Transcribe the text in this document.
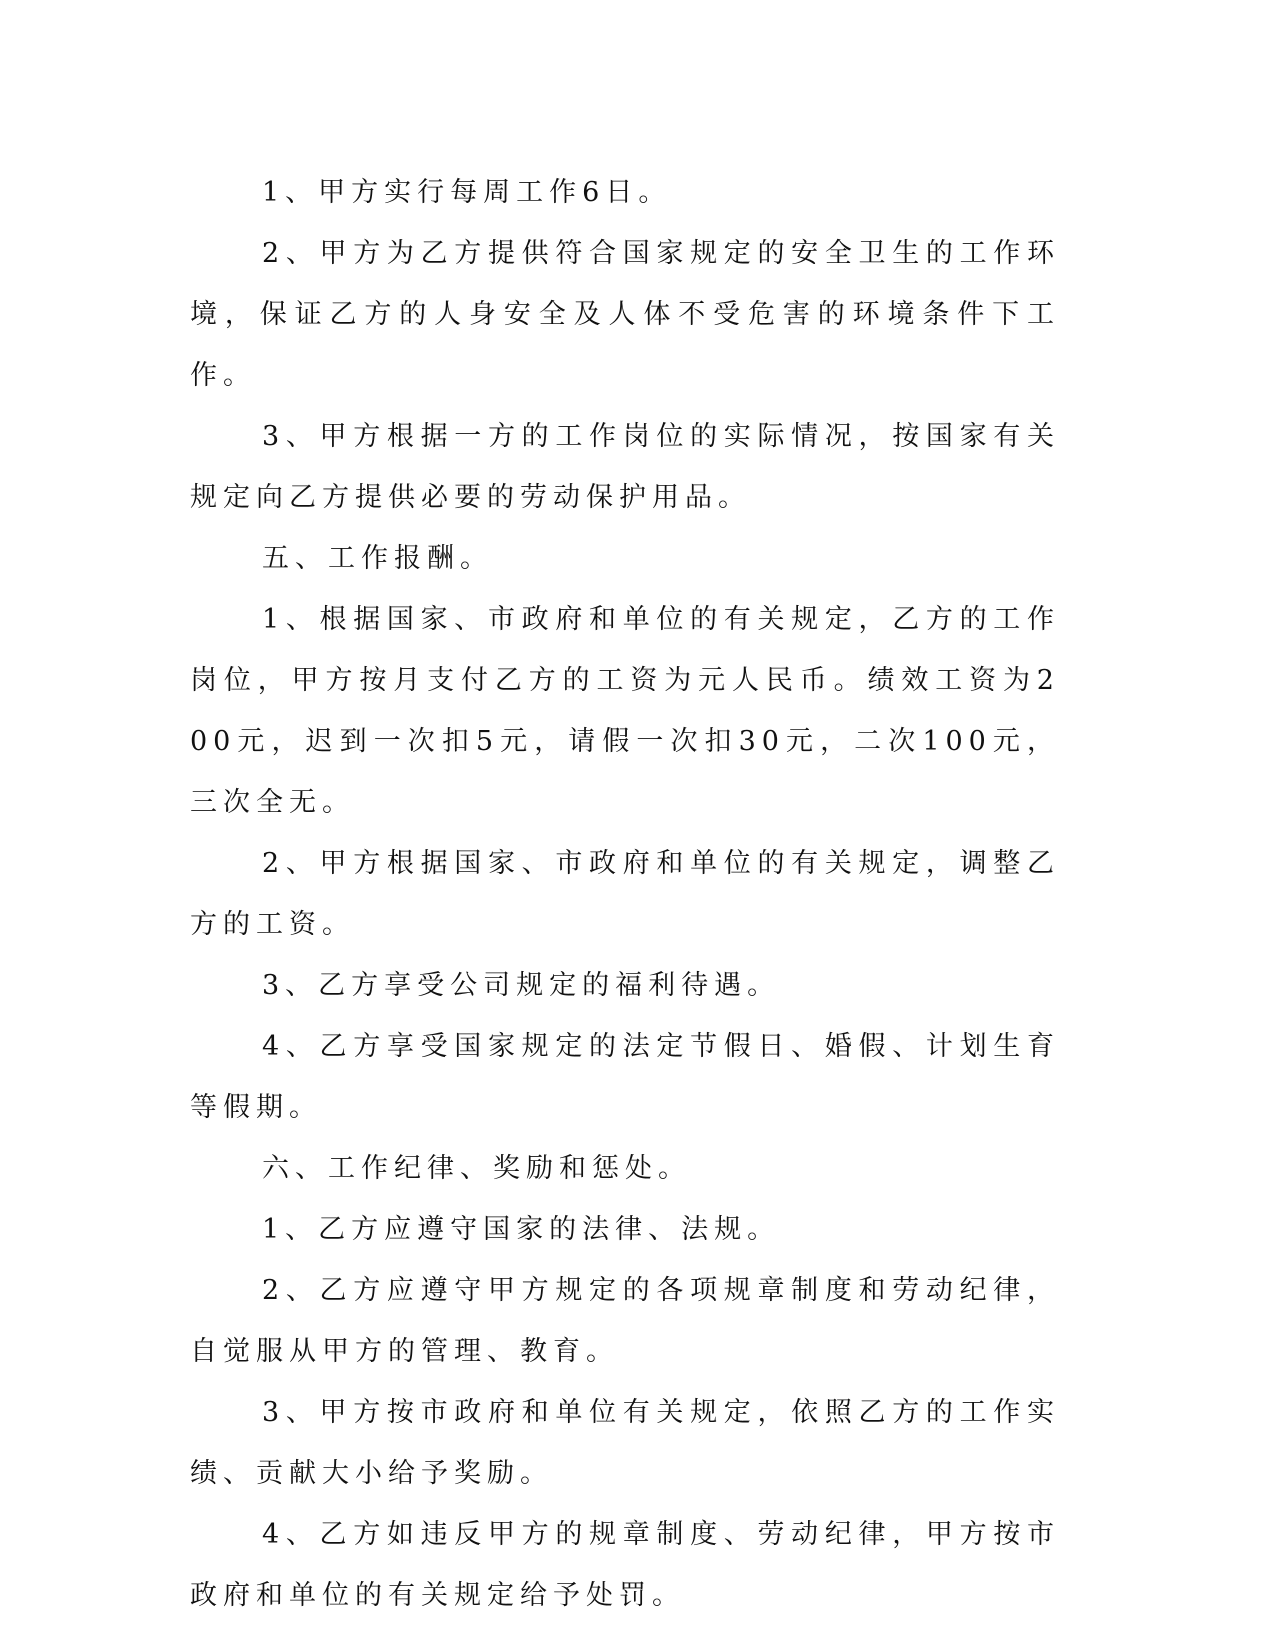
1、甲方实行每周工作6日。

2、甲方为乙方提供符合国家规定的安全卫生的工作环境，保证乙方的人身安全及人体不受危害的环境条件下工作。

3、甲方根据一方的工作岗位的实际情况，按国家有关规定向乙方提供必要的劳动保护用品。

五、工作报酬。

1、根据国家、市政府和单位的有关规定，乙方的工作岗位，甲方按月支付乙方的工资为元人民币。绩效工资为200元，迟到一次扣5元，请假一次扣30元，二次100元，三次全无。

2、甲方根据国家、市政府和单位的有关规定，调整乙方的工资。

3、乙方享受公司规定的福利待遇。

4、乙方享受国家规定的法定节假日、婚假、计划生育等假期。

六、工作纪律、奖励和惩处。

1、乙方应遵守国家的法律、法规。

2、乙方应遵守甲方规定的各项规章制度和劳动纪律，自觉服从甲方的管理、教育。

3、甲方按市政府和单位有关规定，依照乙方的工作实绩、贡献大小给予奖励。

4、乙方如违反甲方的规章制度、劳动纪律，甲方按市政府和单位的有关规定给予处罚。
